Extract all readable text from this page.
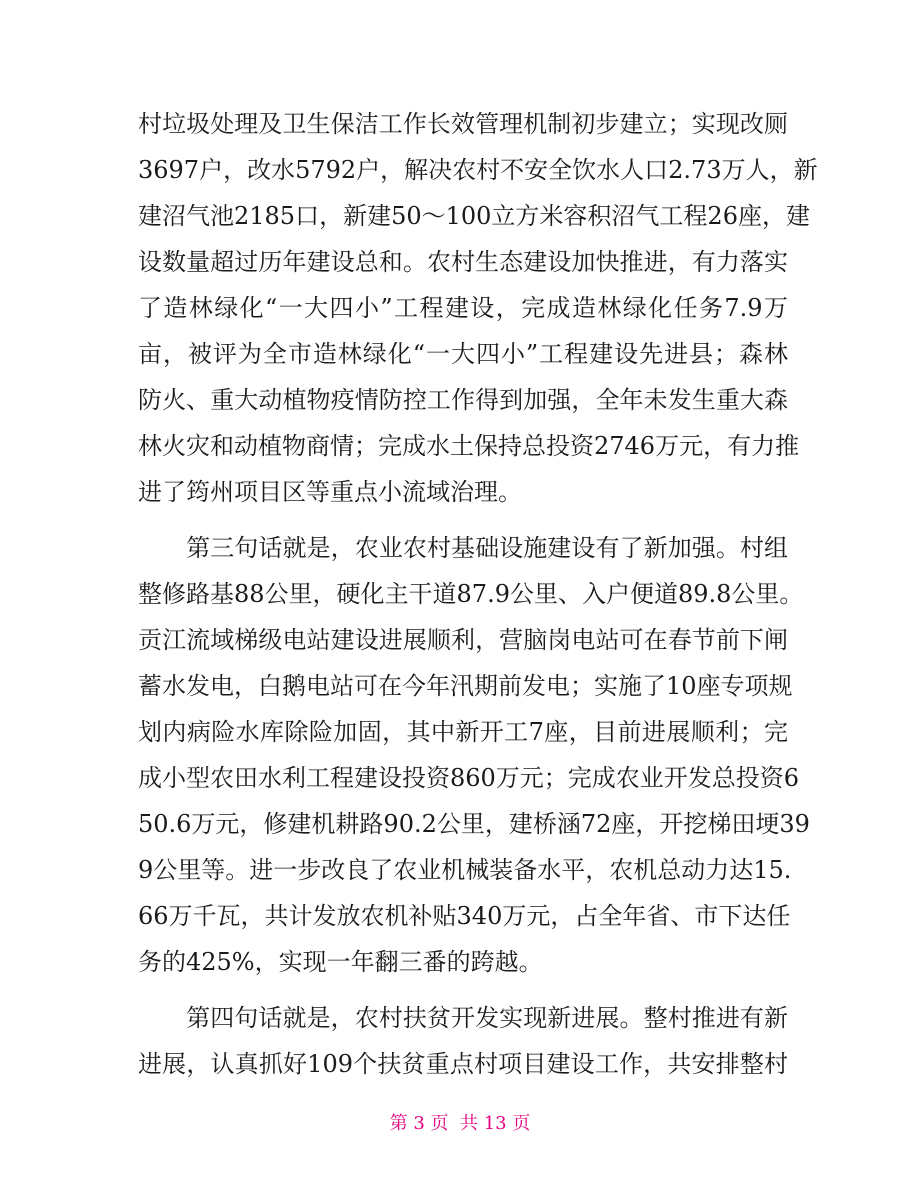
村垃圾处理及卫生保洁工作长效管理机制初步建立；实现改厕
3697户，改水5792户，解决农村不安全饮水人口2.73万人，新
建沼气池2185口，新建50～100立方米容积沼气工程26座，建
设数量超过历年建设总和。农村生态建设加快推进，有力落实
了造林绿化“一大四小”工程建设，完成造林绿化任务7.9万
亩，被评为全市造林绿化“一大四小”工程建设先进县；森林
防火、重大动植物疫情防控工作得到加强，全年未发生重大森
林火灾和动植物商情；完成水土保持总投资2746万元，有力推
进了筠州项目区等重点小流域治理。
　　第三句话就是，农业农村基础设施建设有了新加强。村组
整修路基88公里，硬化主干道87.9公里、入户便道89.8公里。
贡江流域梯级电站建设进展顺利，营脑岗电站可在春节前下闸
蓄水发电，白鹅电站可在今年汛期前发电；实施了10座专项规
划内病险水库除险加固，其中新开工7座，目前进展顺利；完
成小型农田水利工程建设投资860万元；完成农业开发总投资6
50.6万元，修建机耕路90.2公里，建桥涵72座，开挖梯田埂39
9公里等。进一步改良了农业机械装备水平，农机总动力达15.
66万千瓦，共计发放农机补贴340万元，占全年省、市下达任
务的425%，实现一年翻三番的跨越。
　　第四句话就是，农村扶贫开发实现新进展。整村推进有新
进展，认真抓好109个扶贫重点村项目建设工作，共安排整村
第 3 页  共 13 页
